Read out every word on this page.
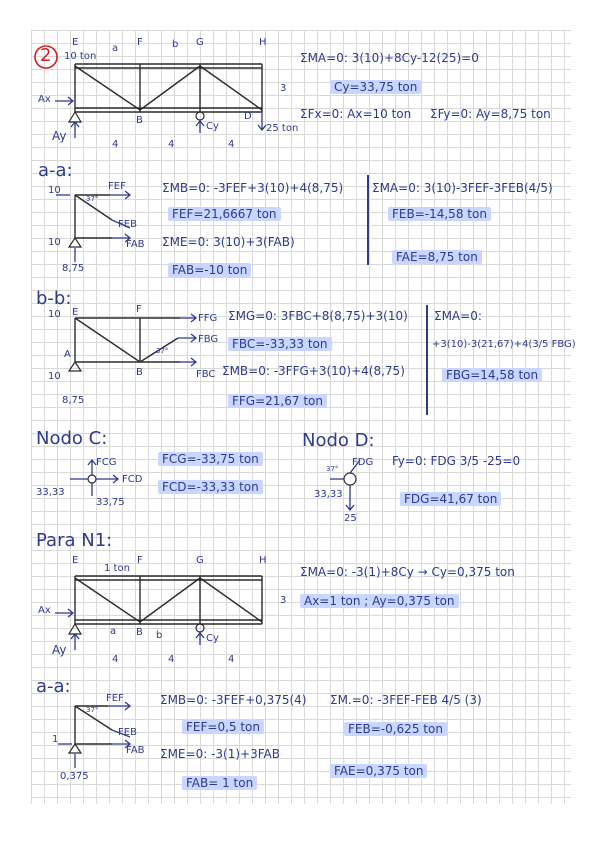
2
E	F	G	H
a	b
10 ton
Ax
Ay
B	D
Cy	25 ton
3
4	4	4
ΣMA=0: 3(10)+8Cy-12(25)=0
Cy=33,75 ton
ΣFx=0: Ax=10 ton ΣFy=0: Ay=8,75 ton
a-a:
10
10
8,75
FEF
FEB
FAB
37°
ΣMB=0: -3FEF+3(10)+4(8,75)
FEF=21,6667 ton
ΣME=0: 3(10)+3(FAB)
FAB=-10 ton
ΣMA=0: 3(10)-3FEF-3FEB(4/5)
FEB=-14,58 ton
FAE=8,75 ton
b-b:
10
10
8,75
E	F
A
B
FFG
FBG
FBC
37°
ΣMG=0: 3FBC+8(8,75)+3(10)
FBC=-33,33 ton
ΣMB=0: -3FFG+3(10)+4(8,75)
FFG=21,67 ton
ΣMA=0:
+3(10)-3(21,67)+4(3/5 FBG)
FBG=14,58 ton
Nodo C:
FCG
FCD
33,33
33,75
FCG=-33,75 ton
FCD=-33,33 ton
Nodo D:
FDG
33,33
25
37°
Fy=0: FDG 3/5 -25=0
FDG=41,67 ton
Para N1:
E	F	G	H
1 ton
Ax
Ay
B
Cy
a	b
4	4	4
3
ΣMA=0: -3(1)+8Cy → Cy=0,375 ton
Ax=1 ton ; Ay=0,375 ton
a-a:
1
0,375
FEF
FEB
FAB
37°
ΣMB=0: -3FEF+0,375(4)
FEF=0,5 ton
ΣME=0: -3(1)+3FAB
FAB= 1 ton
ΣM.=0: -3FEF-FEB 4/5 (3)
FEB=-0,625 ton
FAE=0,375 ton
